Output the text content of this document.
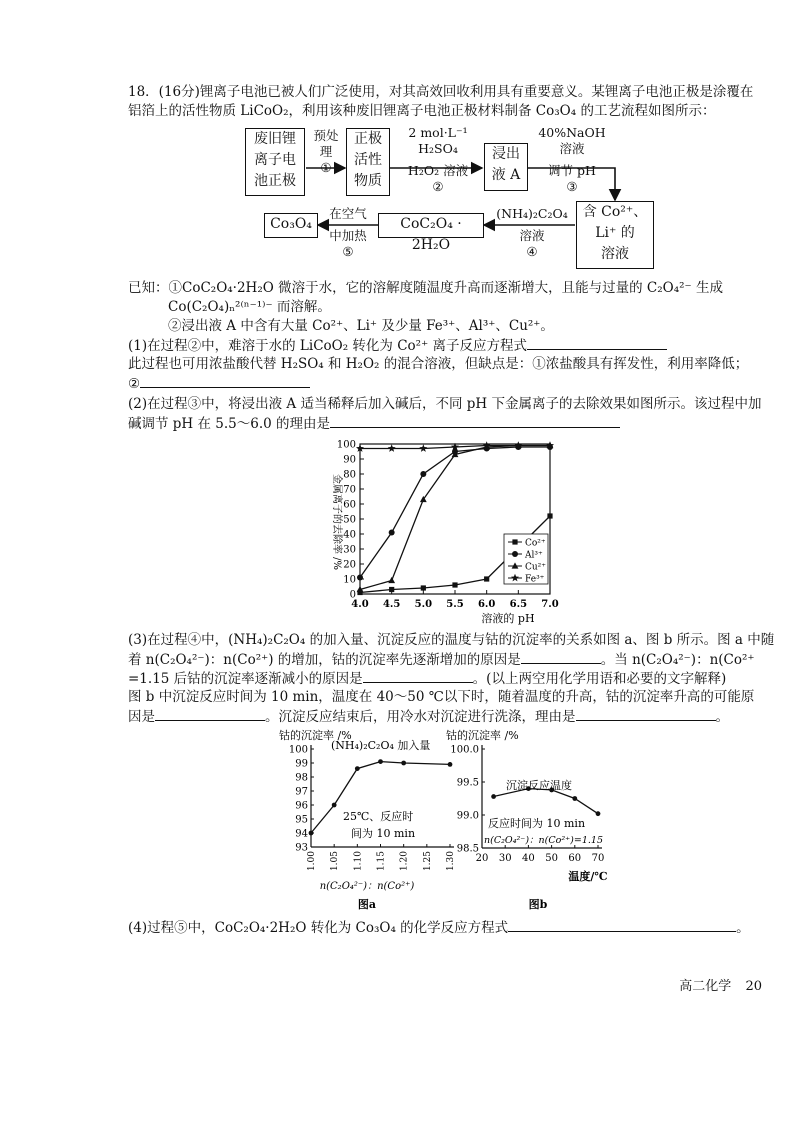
18．(16分)锂离子电池已被人们广泛使用，对其高效回收利用具有重要意义。某锂离子电池正极是涂覆在
铝箔上的活性物质 LiCoO₂，利用该种废旧锂离子电池正极材料制备 Co₃O₄ 的工艺流程如图所示：
废旧锂
离子电
池正极
正极
活性
物质
浸出
液 A
含 Co²⁺、
Li⁺ 的
溶液
CoC₂O₄ · 2H₂O
Co₃O₄
预处
理
①
2 mol·L⁻¹
H₂SO₄
H₂O₂ 溶液
②
40%NaOH
溶液
调节 pH
③
(NH₄)₂C₂O₄
溶液
④
在空气
中加热
⑤
已知：①CoC₂O₄·2H₂O 微溶于水，它的溶解度随温度升高而逐渐增大，且能与过量的 C₂O₄²⁻ 生成
Co(C₂O₄)ₙ²⁽ⁿ⁻¹⁾⁻ 而溶解。
②浸出液 A 中含有大量 Co²⁺、Li⁺ 及少量 Fe³⁺、Al³⁺、Cu²⁺。
(1)在过程②中，难溶于水的 LiCoO₂ 转化为 Co²⁺ 离子反应方程式
此过程也可用浓盐酸代替 H₂SO₄ 和 H₂O₂ 的混合溶液，但缺点是：①浓盐酸具有挥发性，利用率降低；
②
(2)在过程③中，将浸出液 A 适当稀释后加入碱后，不同 pH 下金属离子的去除效果如图所示。该过程中加
碱调节 pH 在 5.5～6.0 的理由是
金属离子的去除率 /%
溶液的 pH
0
10
20
30
40
50
60
70
80
90
100
4.0 4.5 5.0 5.5 6.0 6.5 7.0
Co²⁺
Al³⁺
Cu²⁺
Fe³⁺
(3)在过程④中，(NH₄)₂C₂O₄ 的加入量、沉淀反应的温度与钴的沉淀率的关系如图 a、图 b 所示。图 a 中随
着 n(C₂O₄²⁻)：n(Co²⁺) 的增加，钴的沉淀率先逐渐增加的原因是	。当 n(C₂O₄²⁻)：n(Co²⁺
=1.15 后钴的沉淀率逐渐减小的原因是	。(以上两空用化学用语和必要的文字解释)
图 b 中沉淀反应时间为 10 min，温度在 40～50 ℃以下时，随着温度的升高，钴的沉淀率升高的可能原
因是	。沉淀反应结束后，用冷水对沉淀进行洗涤，理由是	。
钴的沉淀率 /%
n(C₂O₄²⁻)：n(Co²⁺)
图a
93
94
95
96
97
98
99
100
1.00 1.05 1.10 1.15 1.20 1.25 1.30
(NH₄)₂C₂O₄ 加入量
25℃、反应时
间为 10 min
钴的沉淀率 /%
温度/℃
图b
98.5
99.0
99.5
100.0
20 30 40 50 60 70
沉淀反应温度
反应时间为 10 min
n(C₂O₄²⁻)：n(Co²⁺)=1.15
(4)过程⑤中，CoC₂O₄·2H₂O 转化为 Co₃O₄ 的化学反应方程式	。
高二化学 20
